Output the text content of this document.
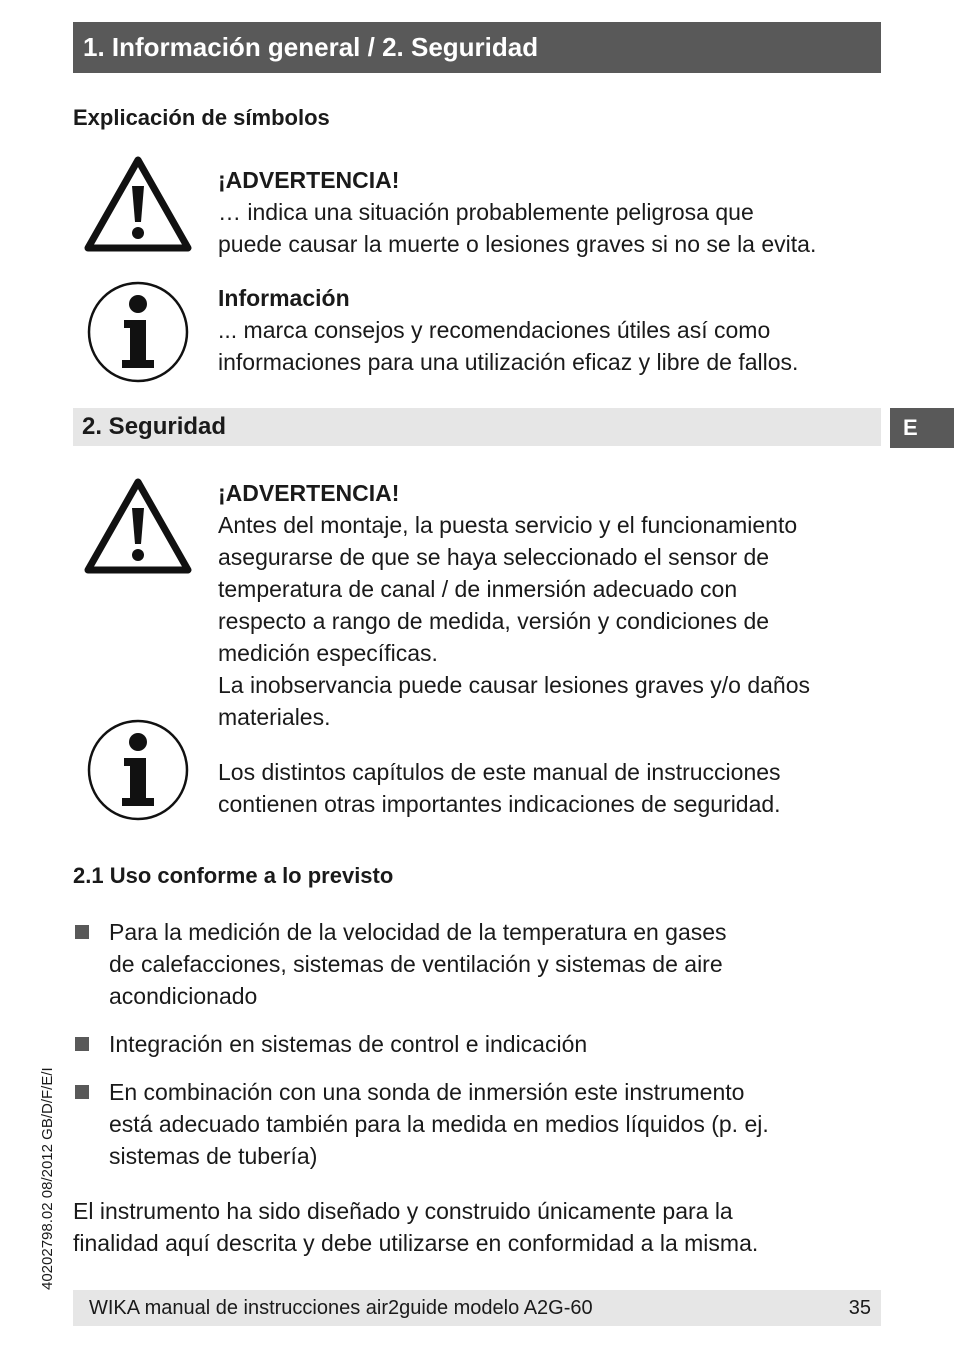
1. Información general / 2. Seguridad
Explicación de símbolos
¡ADVERTENCIA!
… indica una situación probablemente peligrosa que
puede causar la muerte o lesiones graves si no se la evita.
Información
... marca consejos y recomendaciones útiles así como
informaciones para una utilización eficaz y libre de fallos.
2. Seguridad	E
¡ADVERTENCIA!
Antes del montaje, la puesta servicio y el funcionamiento
asegurarse de que se haya seleccionado el sensor de
temperatura de canal / de inmersión adecuado con
respecto a rango de medida, versión y condiciones de
medición específicas.
La inobservancia puede causar lesiones graves y/o daños
materiales.
Los distintos capítulos de este manual de instrucciones
contienen otras importantes indicaciones de seguridad.
2.1 Uso conforme a lo previsto
Para la medición de la velocidad de la temperatura en gases
de calefacciones, sistemas de ventilación y sistemas de aire
acondicionado
Integración en sistemas de control e indicación
En combinación con una sonda de inmersión este instrumento
está adecuado también para la medida en medios líquidos (p. ej.
sistemas de tubería)
El instrumento ha sido diseñado y construido únicamente para la
finalidad aquí descrita y debe utilizarse en conformidad a la misma.
40202798.02 08/2012 GB/D/F/E/I
WIKA manual de instrucciones air2guide modelo A2G-60	35
